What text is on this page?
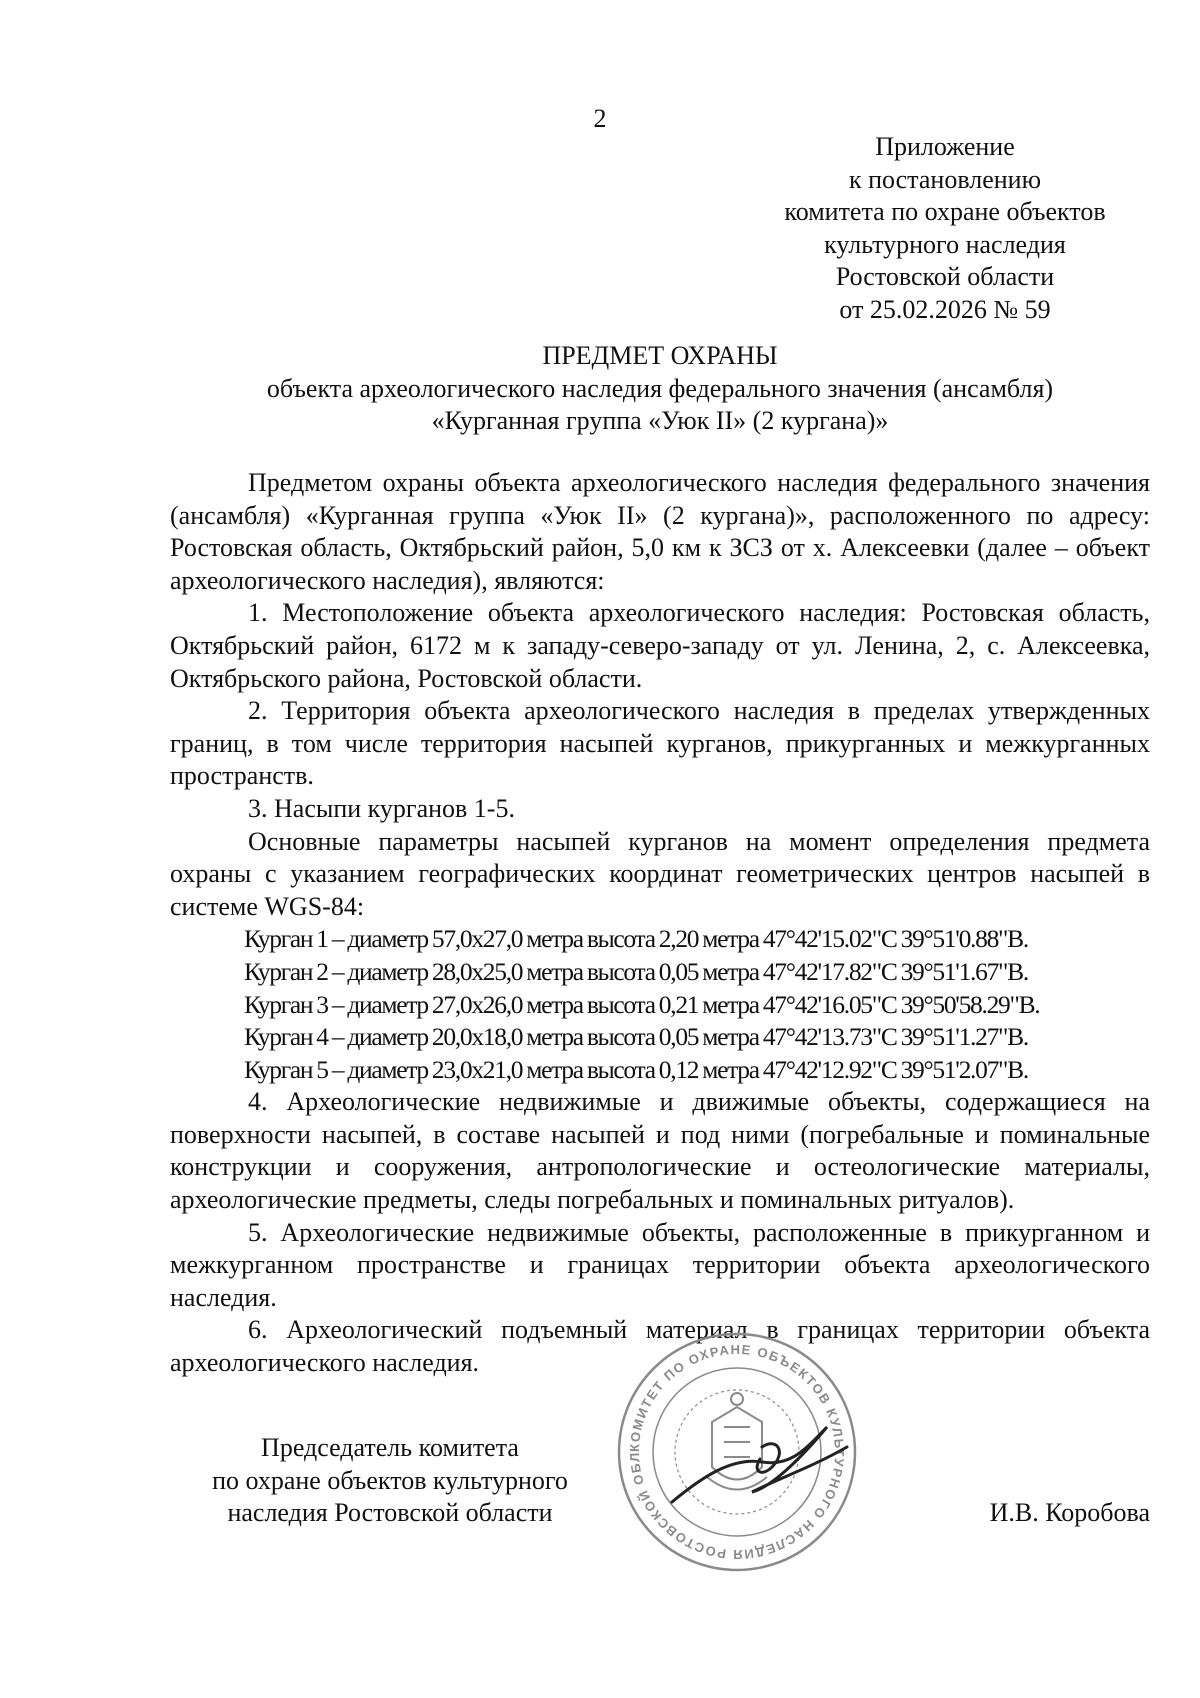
2
Приложение
к постановлению
комитета по охране объектов
культурного наследия
Ростовской области
от 25.02.2026 № 59
ПРЕДМЕТ ОХРАНЫ
объекта археологического наследия федерального значения (ансамбля)
«Курганная группа «Уюк II» (2 кургана)»

Предметом охраны объекта археологического наследия федерального значения (ансамбля) «Курганная группа «Уюк II» (2 кургана)», расположенного по адресу: Ростовская область, Октябрьский район, 5,0 км к ЗСЗ от х. Алексеевки (далее – объект археологического наследия), являются:

1. Местоположение объекта археологического наследия: Ростовская область, Октябрьский район, 6172 м к западу-северо-западу от ул. Ленина, 2, с. Алексеевка, Октябрьского района, Ростовской области.

2. Территория объекта археологического наследия в пределах утвержденных границ, в том числе территория насыпей курганов, прикурганных и межкурганных пространств.

3. Насыпи курганов 1-5.

Основные параметры насыпей курганов на момент определения предмета охраны с указанием географических координат геометрических центров насыпей в системе WGS-84:

Курган 1 – диаметр 57,0х27,0 метра высота 2,20 метра 47°42'15.02"С 39°51'0.88"В.
Курган 2 – диаметр 28,0х25,0 метра высота 0,05 метра 47°42'17.82"С 39°51'1.67"В.
Курган 3 – диаметр 27,0х26,0 метра высота 0,21 метра 47°42'16.05"С 39°50'58.29"В.
Курган 4 – диаметр 20,0х18,0 метра высота 0,05 метра 47°42'13.73"С 39°51'1.27"В.
Курган 5 – диаметр 23,0х21,0 метра высота 0,12 метра 47°42'12.92"С 39°51'2.07"В.

4. Археологические недвижимые и движимые объекты, содержащиеся на поверхности насыпей, в составе насыпей и под ними (погребальные и поминальные конструкции и сооружения, антропологические и остеологические материалы, археологические предметы, следы погребальных и поминальных ритуалов).

5. Археологические недвижимые объекты, расположенные в прикурганном и межкурганном пространстве и границах территории объекта археологического наследия.

6. Археологический подъемный материал в границах территории объекта археологического наследия.

Председатель комитета
по охране объектов культурного
наследия Ростовской области	И.В. Коробова
КОМИТЕТ ПО ОХРАНЕ ОБЪЕКТОВ КУЛЬТУРНОГО НАСЛЕДИЯ РОСТОВСКОЙ ОБЛ
